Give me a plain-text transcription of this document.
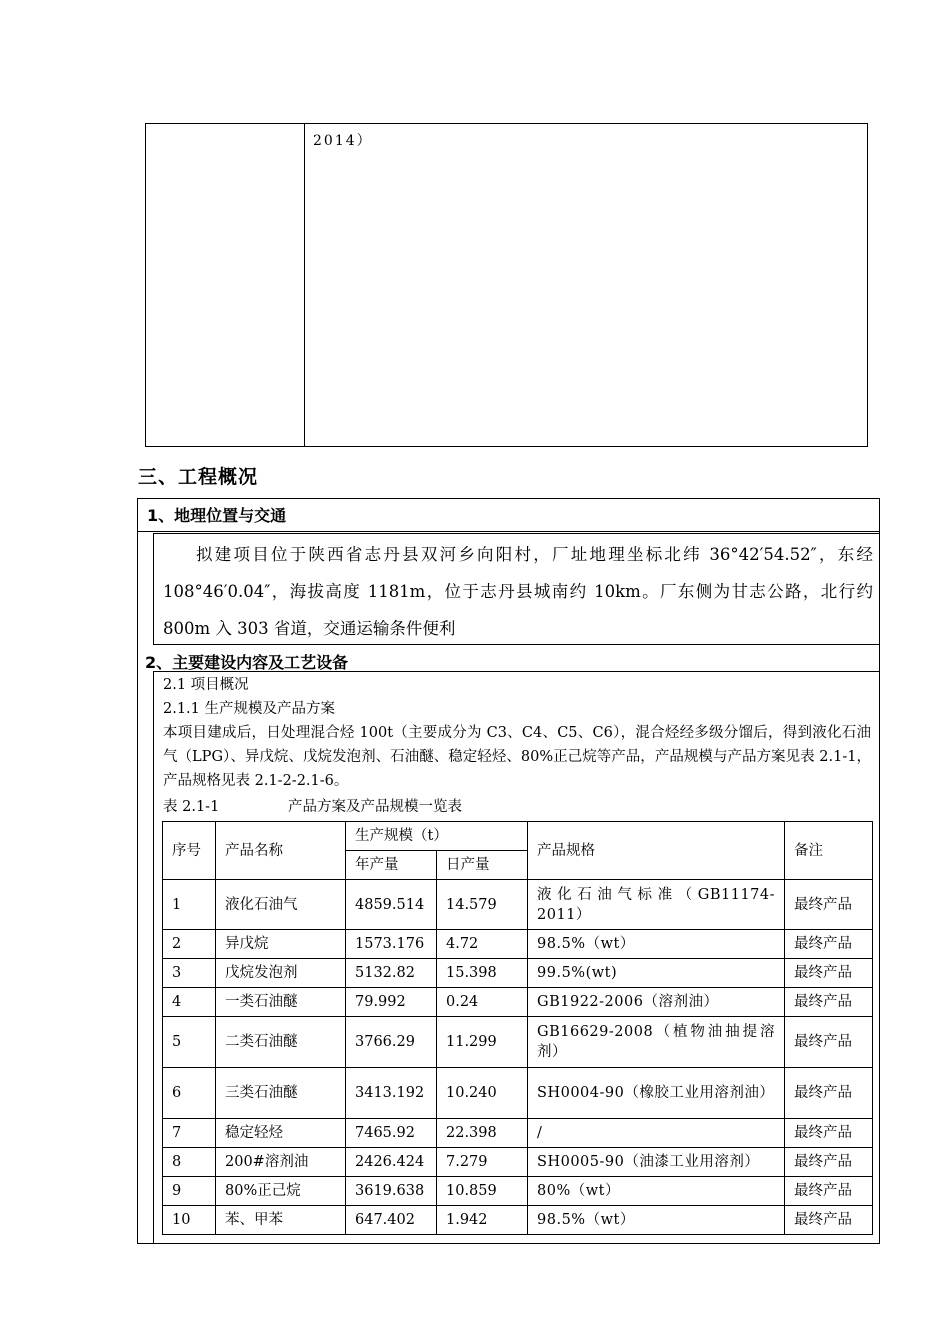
2014）
三、工程概况
1、地理位置与交通
拟建项目位于陕西省志丹县双河乡向阳村，厂址地理坐标北纬 36°42′54.52″，东经 108°46′0.04″，海拔高度 1181m，位于志丹县城南约 10km。厂东侧为甘志公路，北行约 800m 入 303 省道，交通运输条件便利
2、主要建设内容及工艺设备
2.1 项目概况
2.1.1 生产规模及产品方案
本项目建成后，日处理混合烃 100t（主要成分为 C3、C4、C5、C6），混合烃经多级分馏后，得到液化石油气（LPG）、异戊烷、戊烷发泡剂、石油醚、稳定轻烃、80%正己烷等产品，产品规模与产品方案见表 2.1-1，产品规格见表 2.1-2-2.1-6。
表 2.1-1	产品方案及产品规模一览表
序号	产品名称	生产规模（t）		产品规格	备注
		年产量	日产量		
1	液化石油气	4859.514	14.579	液化石油气标准（GB11174-2011）	最终产品
2	异戊烷	1573.176	4.72	98.5%（wt）	最终产品
3	戊烷发泡剂	5132.82	15.398	99.5%(wt)	最终产品
4	一类石油醚	79.992	0.24	GB1922-2006（溶剂油）	最终产品
5	二类石油醚	3766.29	11.299	GB16629-2008（植物油抽提溶剂）	最终产品
6	三类石油醚	3413.192	10.240	SH0004-90（橡胶工业用溶剂油）	最终产品
7	稳定轻烃	7465.92	22.398	/	最终产品
8	200#溶剂油	2426.424	7.279	SH0005-90（油漆工业用溶剂）	最终产品
9	80%正己烷	3619.638	10.859	80%（wt）	最终产品
10	苯、甲苯	647.402	1.942	98.5%（wt）	最终产品
